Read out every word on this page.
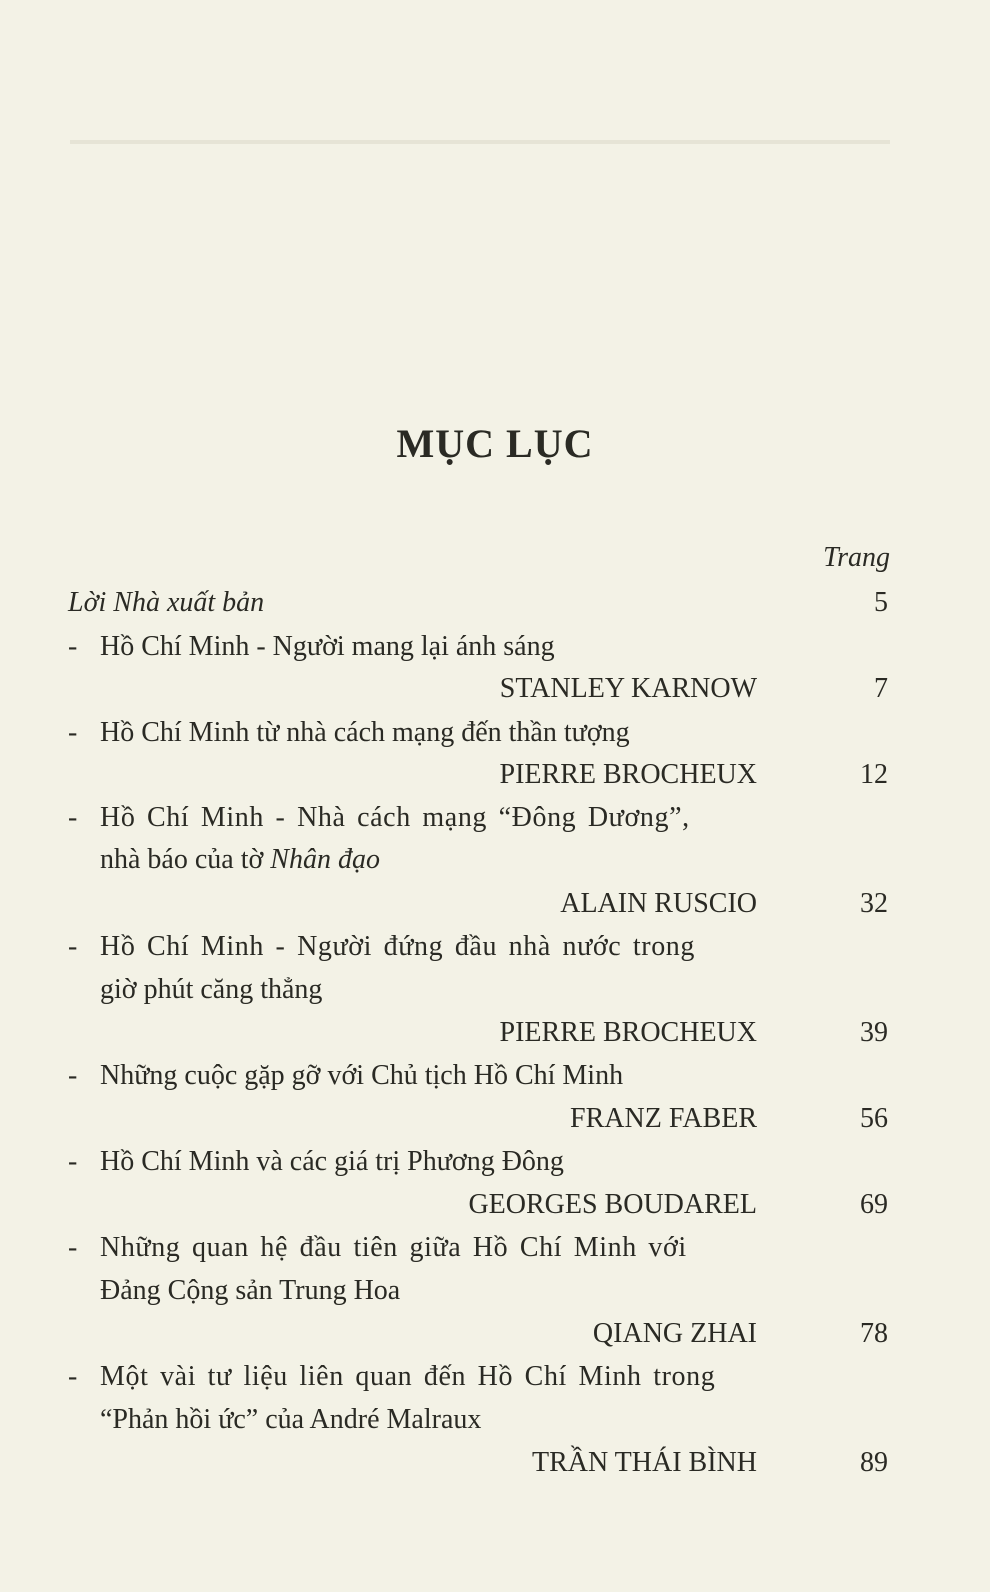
MỤC LỤC
Trang
Lời Nhà xuất bản	5
- Hồ Chí Minh - Người mang lại ánh sáng
STANLEY KARNOW	7
- Hồ Chí Minh từ nhà cách mạng đến thần tượng
PIERRE BROCHEUX	12
- Hồ Chí Minh - Nhà cách mạng “Đông Dương”,
nhà báo của tờ Nhân đạo
ALAIN RUSCIO	32
- Hồ Chí Minh - Người đứng đầu nhà nước trong
giờ phút căng thẳng
PIERRE BROCHEUX	39
- Những cuộc gặp gỡ với Chủ tịch Hồ Chí Minh
FRANZ FABER	56
- Hồ Chí Minh và các giá trị Phương Đông
GEORGES BOUDAREL	69
- Những quan hệ đầu tiên giữa Hồ Chí Minh với
Đảng Cộng sản Trung Hoa
QIANG ZHAI	78
- Một vài tư liệu liên quan đến Hồ Chí Minh trong
“Phản hồi ức” của André Malraux
TRẦN THÁI BÌNH	89
